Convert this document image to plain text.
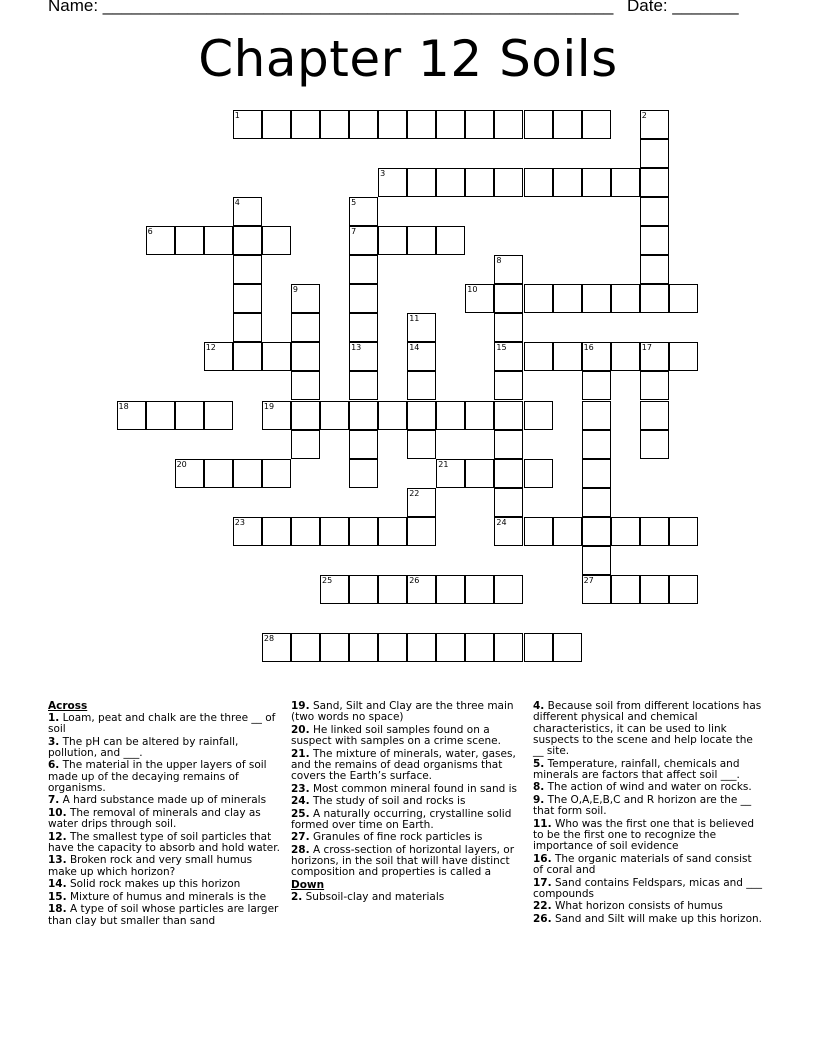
Name: ______________________________________________________ Date: _______
Chapter 12 Soils
1	2
3
4	5
6	7
8
9	10
11
12	13	14	15	16	17
18	19
20	21
22
23	24
25	26	27
28
Across
1. Loam, peat and chalk are the three __ of soil
3. The pH can be altered by rainfall, pollution, and ___.
6. The material in the upper layers of soil made up of the decaying remains of organisms.
7. A hard substance made up of minerals
10. The removal of minerals and clay as water drips through soil.
12. The smallest type of soil particles that have the capacity to absorb and hold water.
13. Broken rock and very small humus make up which horizon?
14. Solid rock makes up this horizon
15. Mixture of humus and minerals is the
18. A type of soil whose particles are larger than clay but smaller than sand
19. Sand, Silt and Clay are the three main (two words no space)
20. He linked soil samples found on a suspect with samples on a crime scene.
21. The mixture of minerals, water, gases, and the remains of dead organisms that covers the Earth’s surface.
23. Most common mineral found in sand is
24. The study of soil and rocks is
25. A naturally occurring, crystalline solid formed over time on Earth.
27. Granules of fine rock particles is
28. A cross-section of horizontal layers, or horizons, in the soil that will have distinct composition and properties is called a
Down
2. Subsoil-clay and materials
4. Because soil from different locations has different physical and chemical characteristics, it can be used to link suspects to the scene and help locate the __ site.
5. Temperature, rainfall, chemicals and minerals are factors that affect soil ___.
8. The action of wind and water on rocks.
9. The O,A,E,B,C and R horizon are the __ that form soil.
11. Who was the first one that is believed to be the first one to recognize the importance of soil evidence
16. The organic materials of sand consist of coral and
17. Sand contains Feldspars, micas and ___ compounds
22. What horizon consists of humus
26. Sand and Silt will make up this horizon.
